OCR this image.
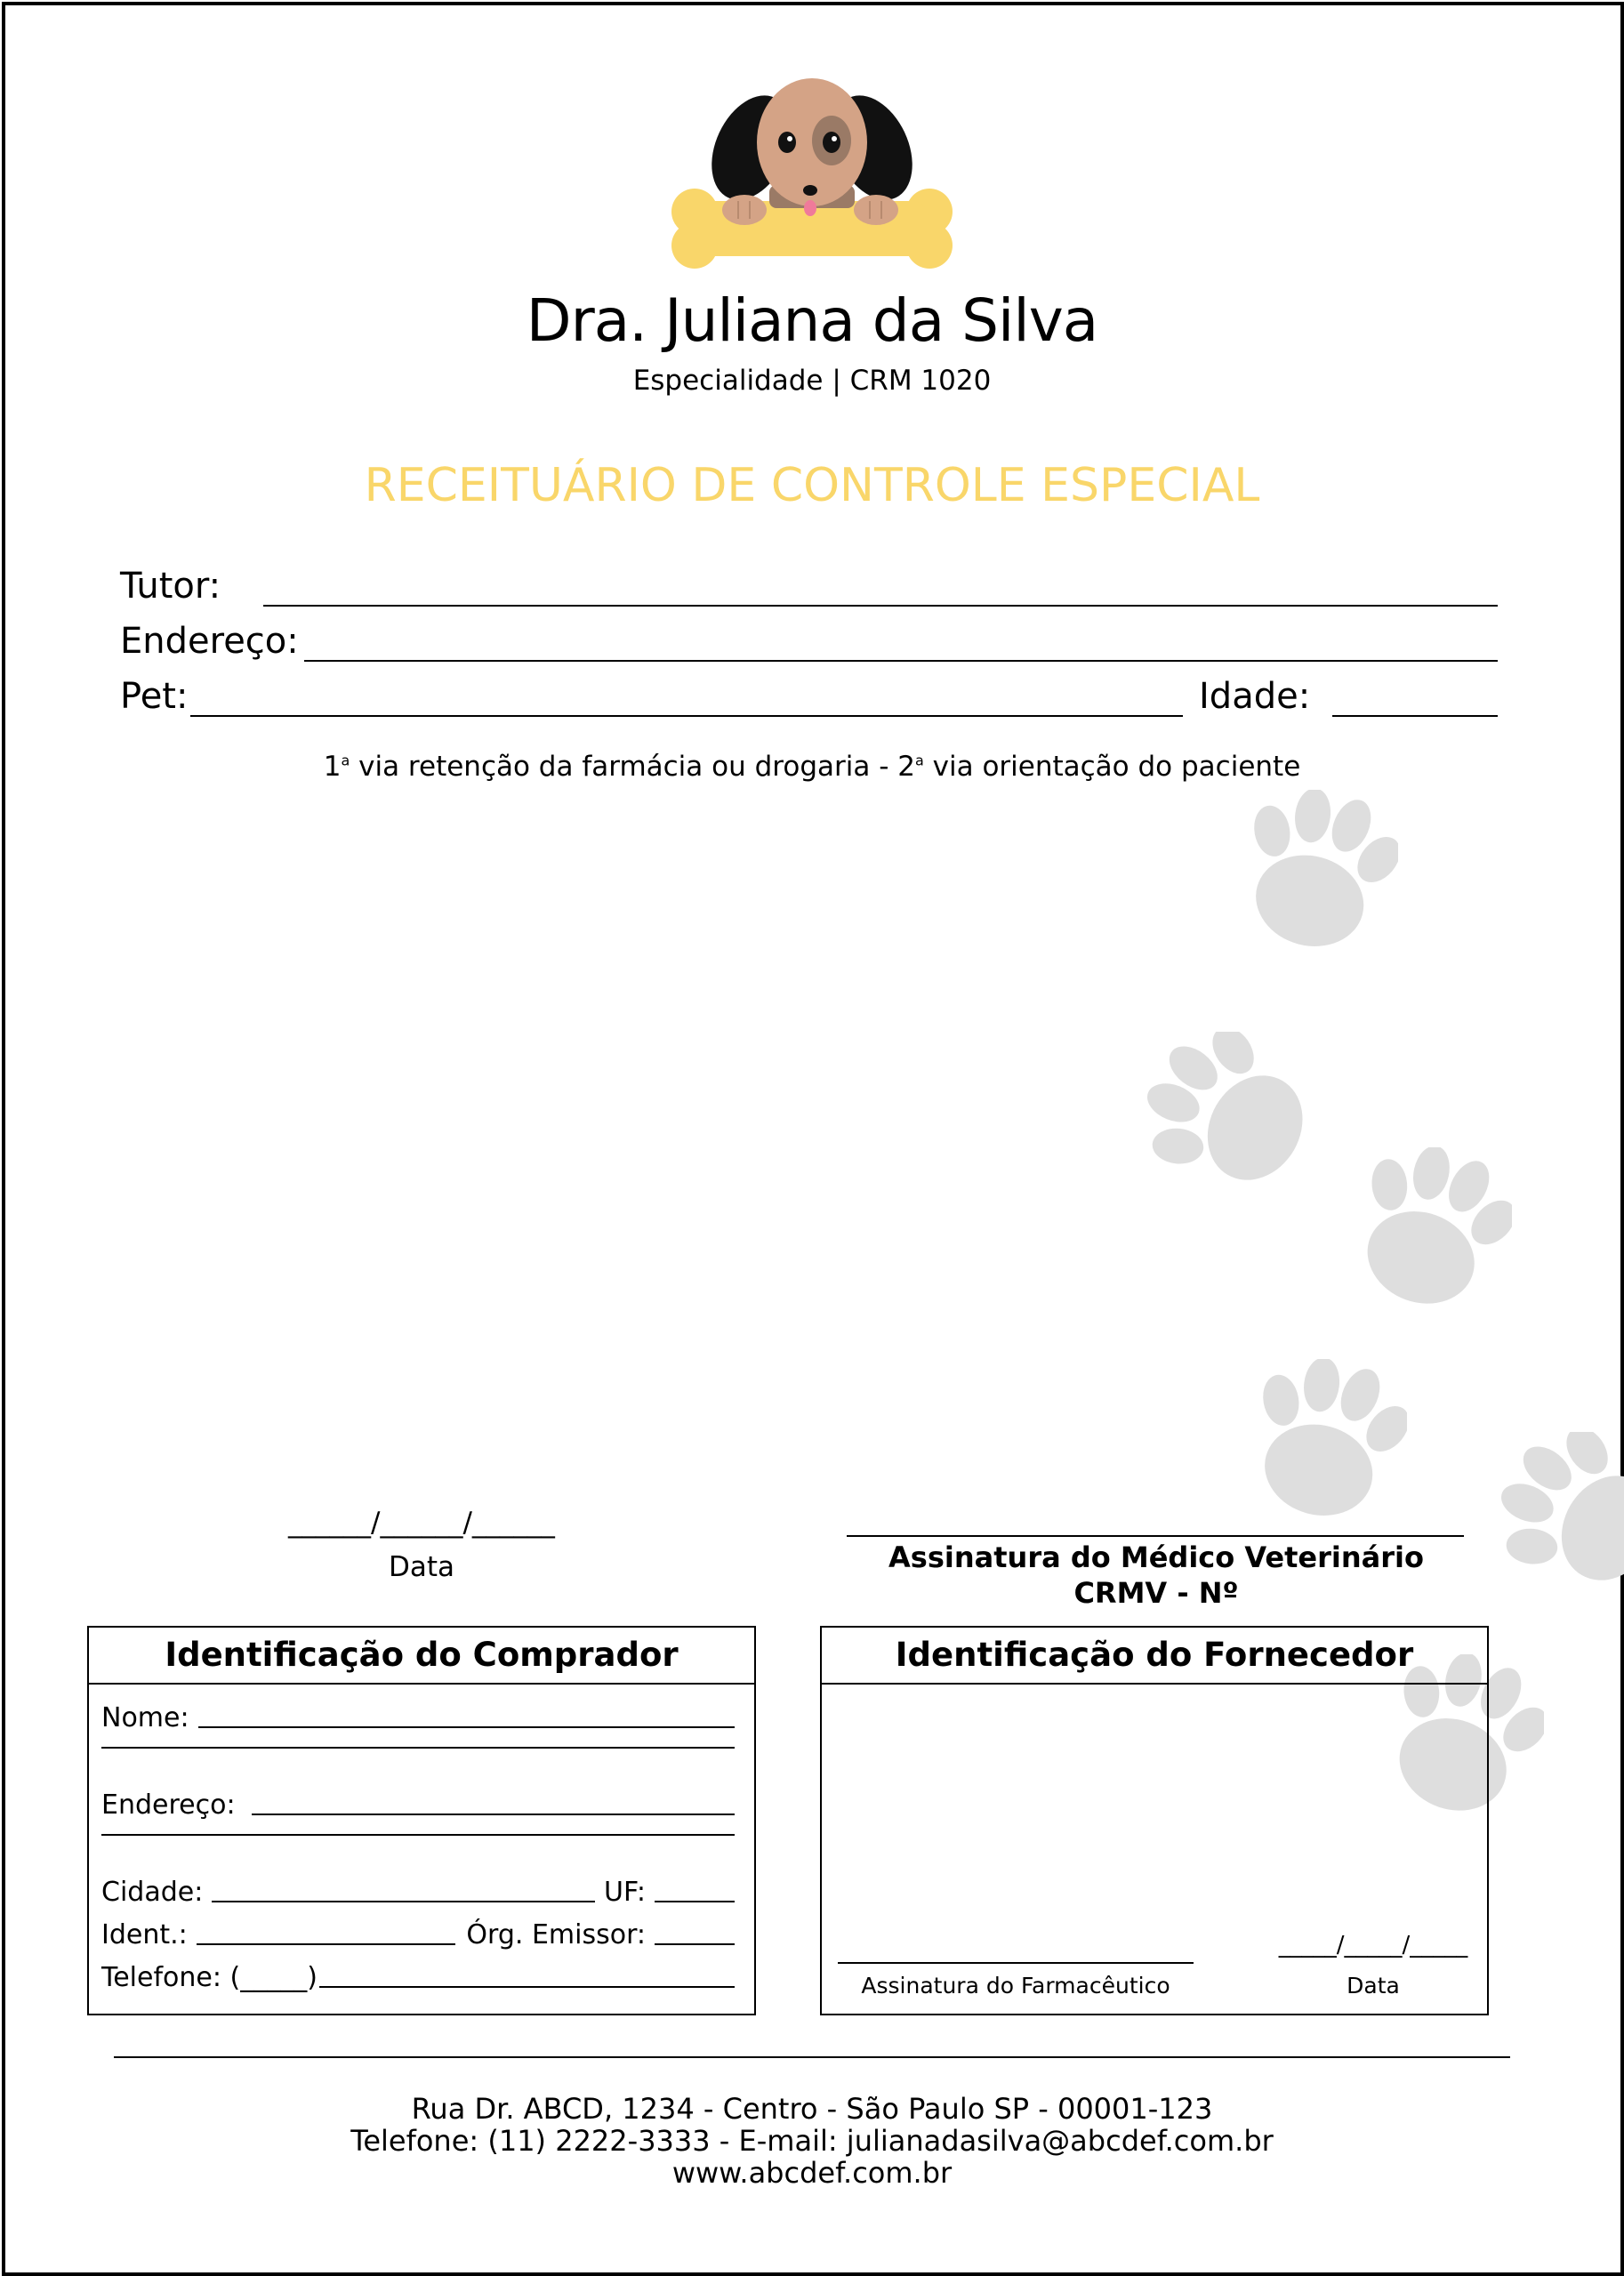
Dra. Juliana da Silva
Especialidade | CRM 1020
RECEITUÁRIO DE CONTROLE ESPECIAL
Tutor:
Endereço:
Pet:	Idade:
1$^a$ via retenção da farmácia ou drogaria - 2$^a$ via orientação do paciente
______/______/______
Data	Assinatura do Médico Veterinário
CRMV - Nº
Identificação do Comprador
Nome:
Endereço:
Cidade:	UF:
Ident.:	Órg. Emissor:
Telefone: (_____)
Identificação do Fornecedor
Assinatura do Farmacêutico
_____/_____/_____
Data
Rua Dr. ABCD, 1234 - Centro - São Paulo SP - 00001-123
Telefone: (11) 2222-3333 - E-mail: julianadasilva@abcdef.com.br
www.abcdef.com.br
